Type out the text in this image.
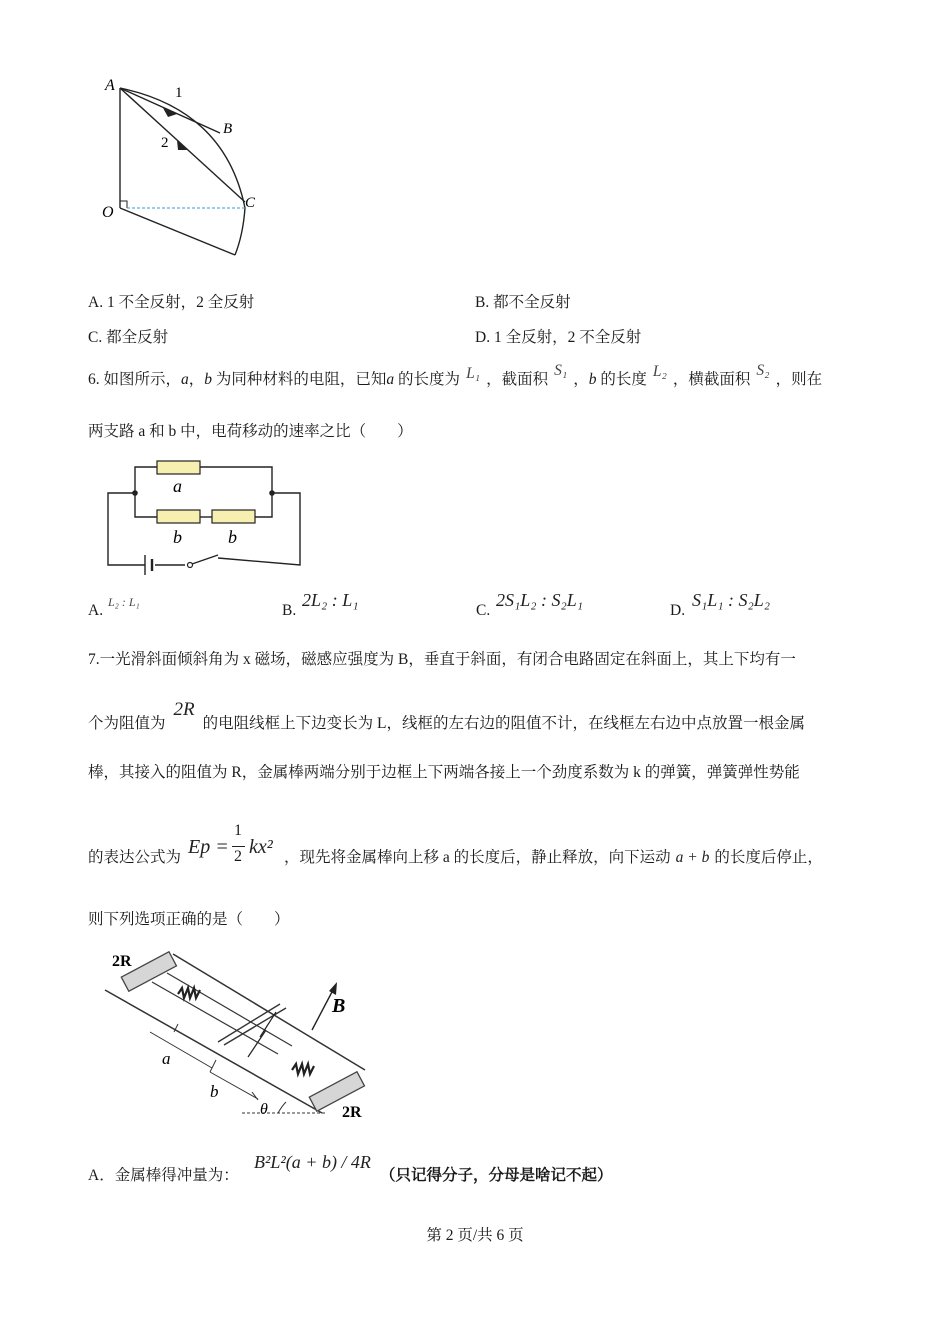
A	1
B
2
C
O
A. 1 不全反射，2 全反射	B. 都不全反射
C. 都全反射	D. 1 全反射，2 不全反射
6. 如图所示，a，b 为同种材料的电阻，已知a 的长度为 L₁ ，截面积S₁，b 的长度 L₂ ，横截面积S₂，则在
两支路 a 和 b 中，电荷移动的速率之比（　　）
a
b	b
A. L₂ : L₁	B.
2L₂ : L₁
C.
2S₁L₂ : S₂L₁
D.
S₁L₁ : S₂L₂
7.一光滑斜面倾斜角为 x 磁场，磁感应强度为 B，垂直于斜面，有闭合电路固定在斜面上，其上下均有一
个为阻值为2R的电阻线框上下边变长为 L，线框的左右边的阻值不计，在线框左右边中点放置一根金属
棒，其接入的阻值为 R，金属棒两端分别于边框上下两端各接上一个劲度系数为 k 的弹簧，弹簧弹性势能
的表达公式为 Ep =
1
2 kx² ，现先将金属棒向上移 a 的长度后，静止释放，向下运动 a + b 的长度后停止，
则下列选项正确的是（　　）
2R
2R
B
a
b
θ
A．金属棒得冲量为：
B²L²(a + b) / 4R
（只记得分子，分母是啥记不起）
第 2 页/共 6 页
